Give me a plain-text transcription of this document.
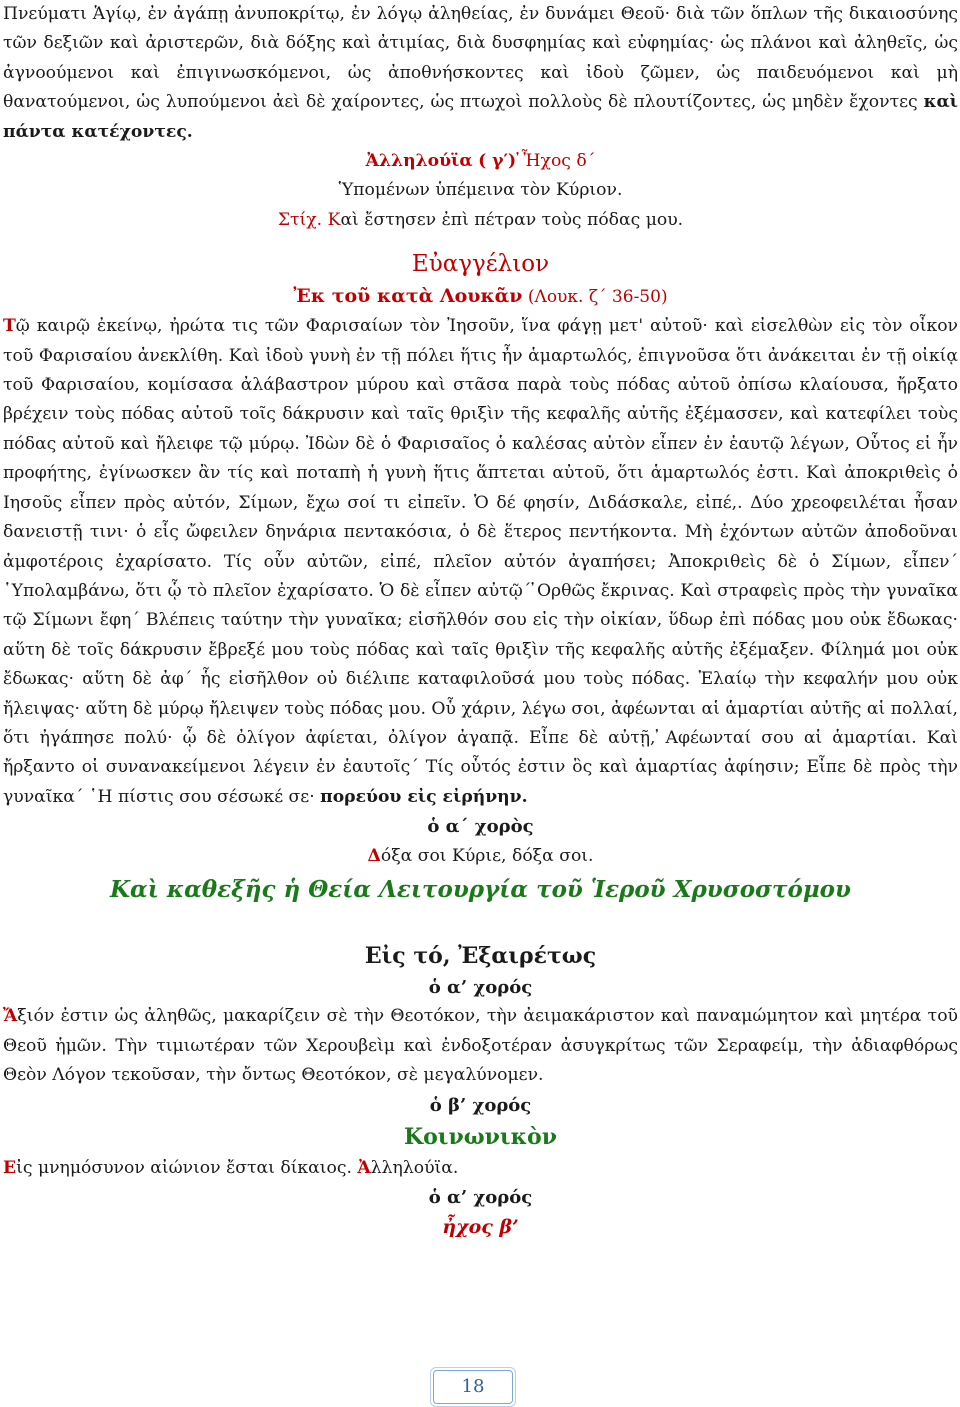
Πνεύματι Ἁγίῳ, ἐν ἀγάπῃ ἀνυποκρίτῳ, ἐν λόγῳ ἀληθείας, ἐν δυνάμει Θεοῦ· διὰ τῶν ὅπλων τῆς δικαιοσύνης τῶν δεξιῶν καὶ ἀριστερῶν, διὰ δόξης καὶ ἀτιμίας, διὰ δυσφημίας καὶ εὐφημίας· ὡς πλάνοι καὶ ἀληθεῖς, ὡς ἀγνοούμενοι καὶ ἐπιγινωσκόμενοι, ὡς ἀποθνήσκοντες καὶ ἰδοὺ ζῶμεν, ὡς παιδευόμενοι καὶ μὴ θανατούμενοι, ὡς λυπούμενοι ἀεὶ δὲ χαίροντες, ὡς πτωχοὶ πολλοὺς δὲ πλουτίζοντες, ὡς μηδὲν ἔχοντες καὶ πάντα κατέχοντες.

Ἀλληλούϊα ( γ′) ̓Ἦχος δ΄

Ὑπομένων ὑπέμεινα τὸν Κύριον.

Στίχ. Καὶ ἔστησεν ἐπὶ πέτραν τοὺς πόδας μου.

Εὐαγγέλιον

Ἐκ τοῦ κατὰ Λουκᾶν (Λουκ. ζ΄ 36-50)

Τῷ καιρῷ ἐκείνῳ, ἠρώτα τις τῶν Φαρισαίων τὸν Ἰησοῦν, ἵνα φάγῃ μετ' αὐτοῦ· καὶ εἰσελθὼν εἰς τὸν οἶκον τοῦ Φαρισαίου ἀνεκλίθη. Καὶ ἰδοὺ γυνὴ ἐν τῇ πόλει ἥτις ἦν ἁμαρτωλός, ἐπιγνοῦσα ὅτι ἀνάκειται ἐν τῇ οἰκίᾳ τοῦ Φαρισαίου, κομίσασα ἀλάβαστρον μύρου καὶ στᾶσα παρὰ τοὺς πόδας αὐτοῦ ὀπίσω κλαίουσα, ἤρξατο βρέχειν τοὺς πόδας αὐτοῦ τοῖς δάκρυσιν καὶ ταῖς θριξὶν τῆς κεφαλῆς αὐτῆς ἐξέμασσεν, καὶ κατεφίλει τοὺς πόδας αὐτοῦ καὶ ἤλειφε τῷ μύρῳ. Ἰδὼν δὲ ὁ Φαρισαῖος ὁ καλέσας αὐτὸν εἶπεν ἐν ἑαυτῷ λέγων, Οὗτος εἰ ἦν προφήτης, ἐγίνωσκεν ἂν τίς καὶ ποταπὴ ἡ γυνὴ ἥτις ἅπτεται αὐτοῦ, ὅτι ἁμαρτωλός ἐστι. Καὶ ἀποκριθεὶς ὁ ̓Ιησοῦς εἶπεν πρὸς αὐτόν, Σίμων, ἔχω σοί τι εἰπεῖν. Ὁ δέ φησίν, Διδάσκαλε, εἰπέ,. Δύο χρεοφειλέται ἦσαν δανειστῇ τινι· ὁ εἷς ὤφειλεν δηνάρια πεντακόσια, ὁ δὲ ἕτερος πεντήκοντα. Μὴ ἐχόντων αὐτῶν ἀποδοῦναι ἀμφοτέροις ἐχαρίσατο. Τίς οὖν αὐτῶν, εἰπέ, πλεῖον αὐτόν ἀγαπήσει; Ἀποκριθεὶς δὲ ὁ Σίμων, εἶπεν΄ ῾Υπολαμβάνω, ὅτι ᾧ τὸ πλεῖον ἐχαρίσατο. Ὁ δὲ εἶπεν αὐτῷ΄ ̓Ορθῶς ἔκρινας. Καὶ στραφεὶς πρὸς τὴν γυναῖκα τῷ Σίμωνι ἔφη΄ Βλέπεις ταύτην τὴν γυναῖκα; εἰσῆλθόν σου εἰς τὴν οἰκίαν, ὕδωρ ἐπὶ πόδας μου οὐκ ἔδωκας· αὕτη δὲ τοῖς δάκρυσιν ἔβρεξέ μου τοὺς πόδας καὶ ταῖς θριξὶν τῆς κεφαλῆς αὐτῆς ἐξέμαξεν. Φίλημά μοι οὐκ ἔδωκας· αὕτη δὲ ἀφ΄ ἧς εἰσῆλθον οὐ διέλιπε καταφιλοῦσά μου τοὺς πόδας. Ἐλαίῳ τὴν κεφαλήν μου οὐκ ἤλειψας· αὕτη δὲ μύρῳ ἤλειψεν τοὺς πόδας μου. Οὗ χάριν, λέγω σοι, ἀφέωνται αἱ ἁμαρτίαι αὐτῆς αἱ πολλαί, ὅτι ἠγάπησε πολύ· ᾧ δὲ ὀλίγον ἀφίεται, ὀλίγον ἀγαπᾷ. Εἶπε δὲ αὐτῇ, ̓Αφέωνταί σου αἱ ἁμαρτίαι. Καὶ ἤρξαντο οἱ συνανακείμενοι λέγειν ἐν ἑαυτοῖς΄ Τίς οὗτός ἐστιν ὃς καὶ ἁμαρτίας ἀφίησιν; Εἶπε δὲ πρὸς τὴν γυναῖκα΄ ῾Η πίστις σου σέσωκέ σε· πορεύου εἰς εἰρήνην.

ὁ α΄ χορὸς

Δόξα σοι Κύριε, δόξα σοι.

Καὶ καθεξῆς ἡ Θεία Λειτουργία τοῦ Ἱεροῦ Χρυσοστόμου

Εἰς τό, Ἐξαιρέτως

ὁ α’ χορός

Ἄξιόν ἐστιν ὡς ἀληθῶς, μακαρίζειν σὲ τὴν Θεοτόκον, τὴν ἀειμακάριστον καὶ παναμώμητον καὶ μητέρα τοῦ Θεοῦ ἡμῶν. Τὴν τιμιωτέραν τῶν Χερουβεὶμ καὶ ἐνδοξοτέραν ἀσυγκρίτως τῶν Σεραφείμ, τὴν ἀδιαφθόρως Θεὸν Λόγον τεκοῦσαν, τὴν ὄντως Θεοτόκον, σὲ μεγαλύνομεν.

ὁ β’ χορός

Κοινωνικὸν

Εἰς μνημόσυνον αἰώνιον ἔσται δίκαιος. Ἀλληλούϊα.

ὁ α’ χορός

ἦχος β’

18
